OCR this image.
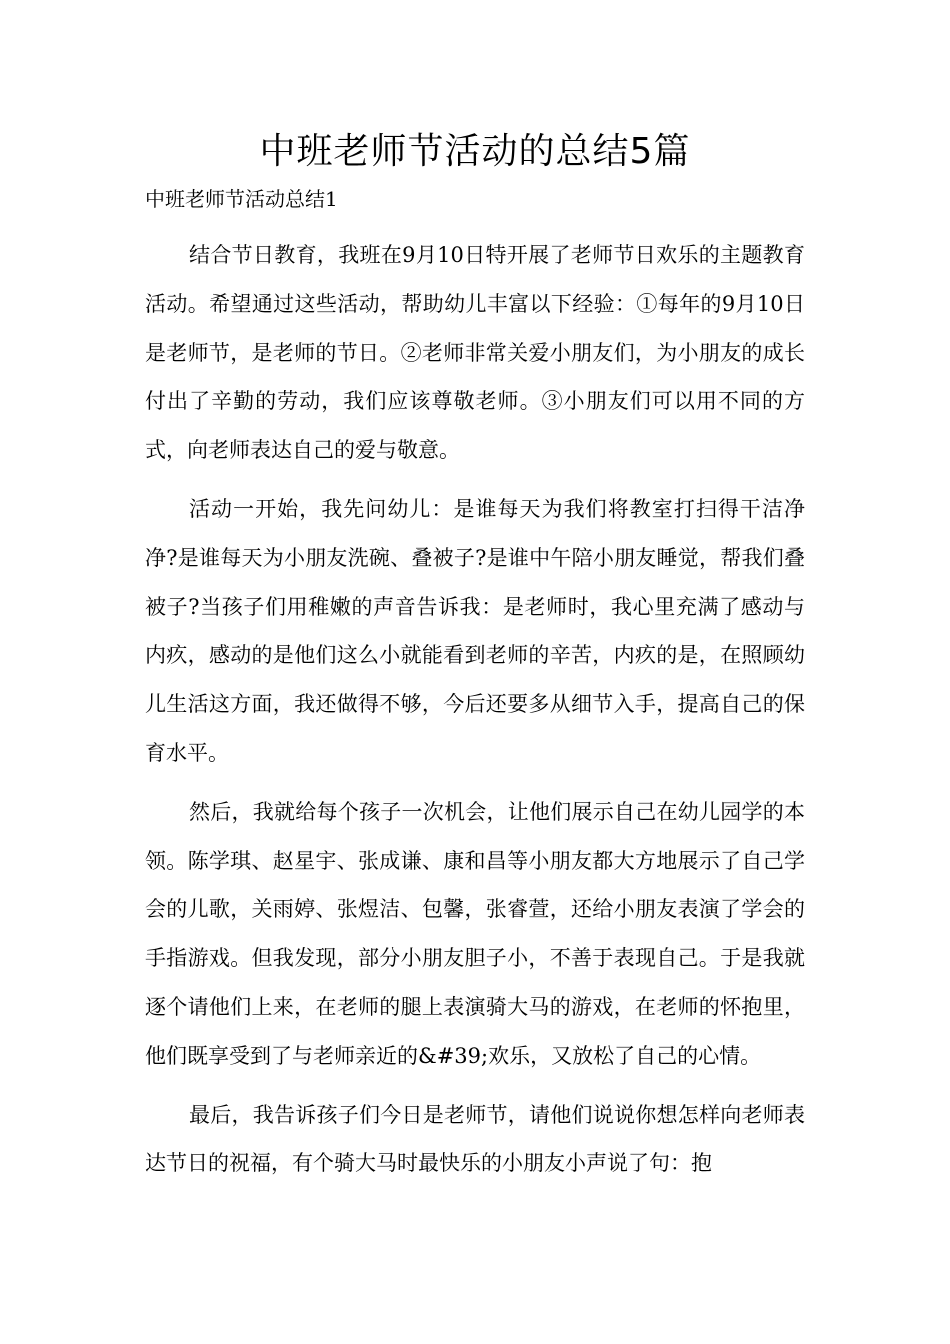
中班老师节活动的总结5篇
中班老师节活动总结1

结合节日教育，我班在9月10日特开展了老师节日欢乐的主题教育活动。希望通过这些活动，帮助幼儿丰富以下经验：①每年的9月10日是老师节，是老师的节日。②老师非常关爱小朋友们，为小朋友的成长付出了辛勤的劳动，我们应该尊敬老师。③小朋友们可以用不同的方式，向老师表达自己的爱与敬意。

活动一开始，我先问幼儿：是谁每天为我们将教室打扫得干洁净净?是谁每天为小朋友洗碗、叠被子?是谁中午陪小朋友睡觉，帮我们叠被子?当孩子们用稚嫩的声音告诉我：是老师时，我心里充满了感动与内疚，感动的是他们这么小就能看到老师的辛苦，内疚的是，在照顾幼儿生活这方面，我还做得不够，今后还要多从细节入手，提高自己的保育水平。

然后，我就给每个孩子一次机会，让他们展示自己在幼儿园学的本领。陈学琪、赵星宇、张成谦、康和昌等小朋友都大方地展示了自己学会的儿歌，关雨婷、张煜洁、包馨，张睿萱，还给小朋友表演了学会的手指游戏。但我发现，部分小朋友胆子小，不善于表现自己。于是我就逐个请他们上来，在老师的腿上表演骑大马的游戏，在老师的怀抱里，他们既享受到了与老师亲近的&#39;欢乐，又放松了自己的心情。

最后，我告诉孩子们今日是老师节，请他们说说你想怎样向老师表达节日的祝福，有个骑大马时最快乐的小朋友小声说了句：抱
